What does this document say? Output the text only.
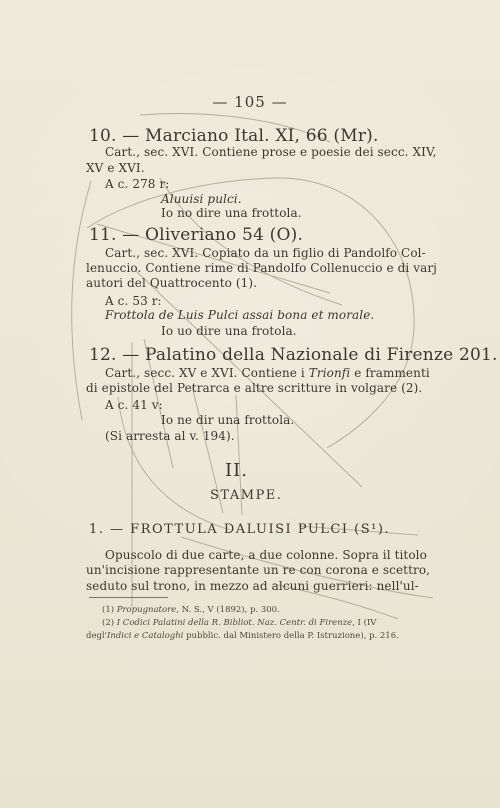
— 105 —
10. — Marciano Ital. XI, 66 (Mr).
Cart., sec. XVI. Contiene prose e poesie dei secc. XIV,
XV e XVI.
A c. 278 r:
Aluuisi pulci.
Io no dire una frottola.
11. — Oliveriano 54 (O).
Cart., sec. XVI. Copiato da un figlio di Pandolfo Col-
lenuccio. Contiene rime di Pandolfo Collenuccio e di varj
autori del Quattrocento (1).
A c. 53 r:
Frottola de Luis Pulci assai bona et morale.
Io uo dire una frotola.
12. — Palatino della Nazionale di Firenze 201.
Cart., secc. XV e XVI. Contiene i Trionfi e frammenti
di epistole del Petrarca e altre scritture in volgare (2).
A c. 41 v:
Io ne dir una frottola.
(Si arresta al v. 194).
II.
STAMPE.
1. — FROTTULA DALUISI PULCI (S¹).
Opuscolo di due carte, a due colonne. Sopra il titolo
un'incisione rappresentante un re con corona e scettro,
seduto sul trono, in mezzo ad alcuni guerrieri: nell'ul-
(1) Propugnatore, N. S., V (1892), p. 300.
(2) I Codici Palatini della R. Bibliot. Naz. Centr. di Firenze, I (IV
degl'Indici e Cataloghi pubblic. dal Ministero della P. Istruzione), p. 216.
